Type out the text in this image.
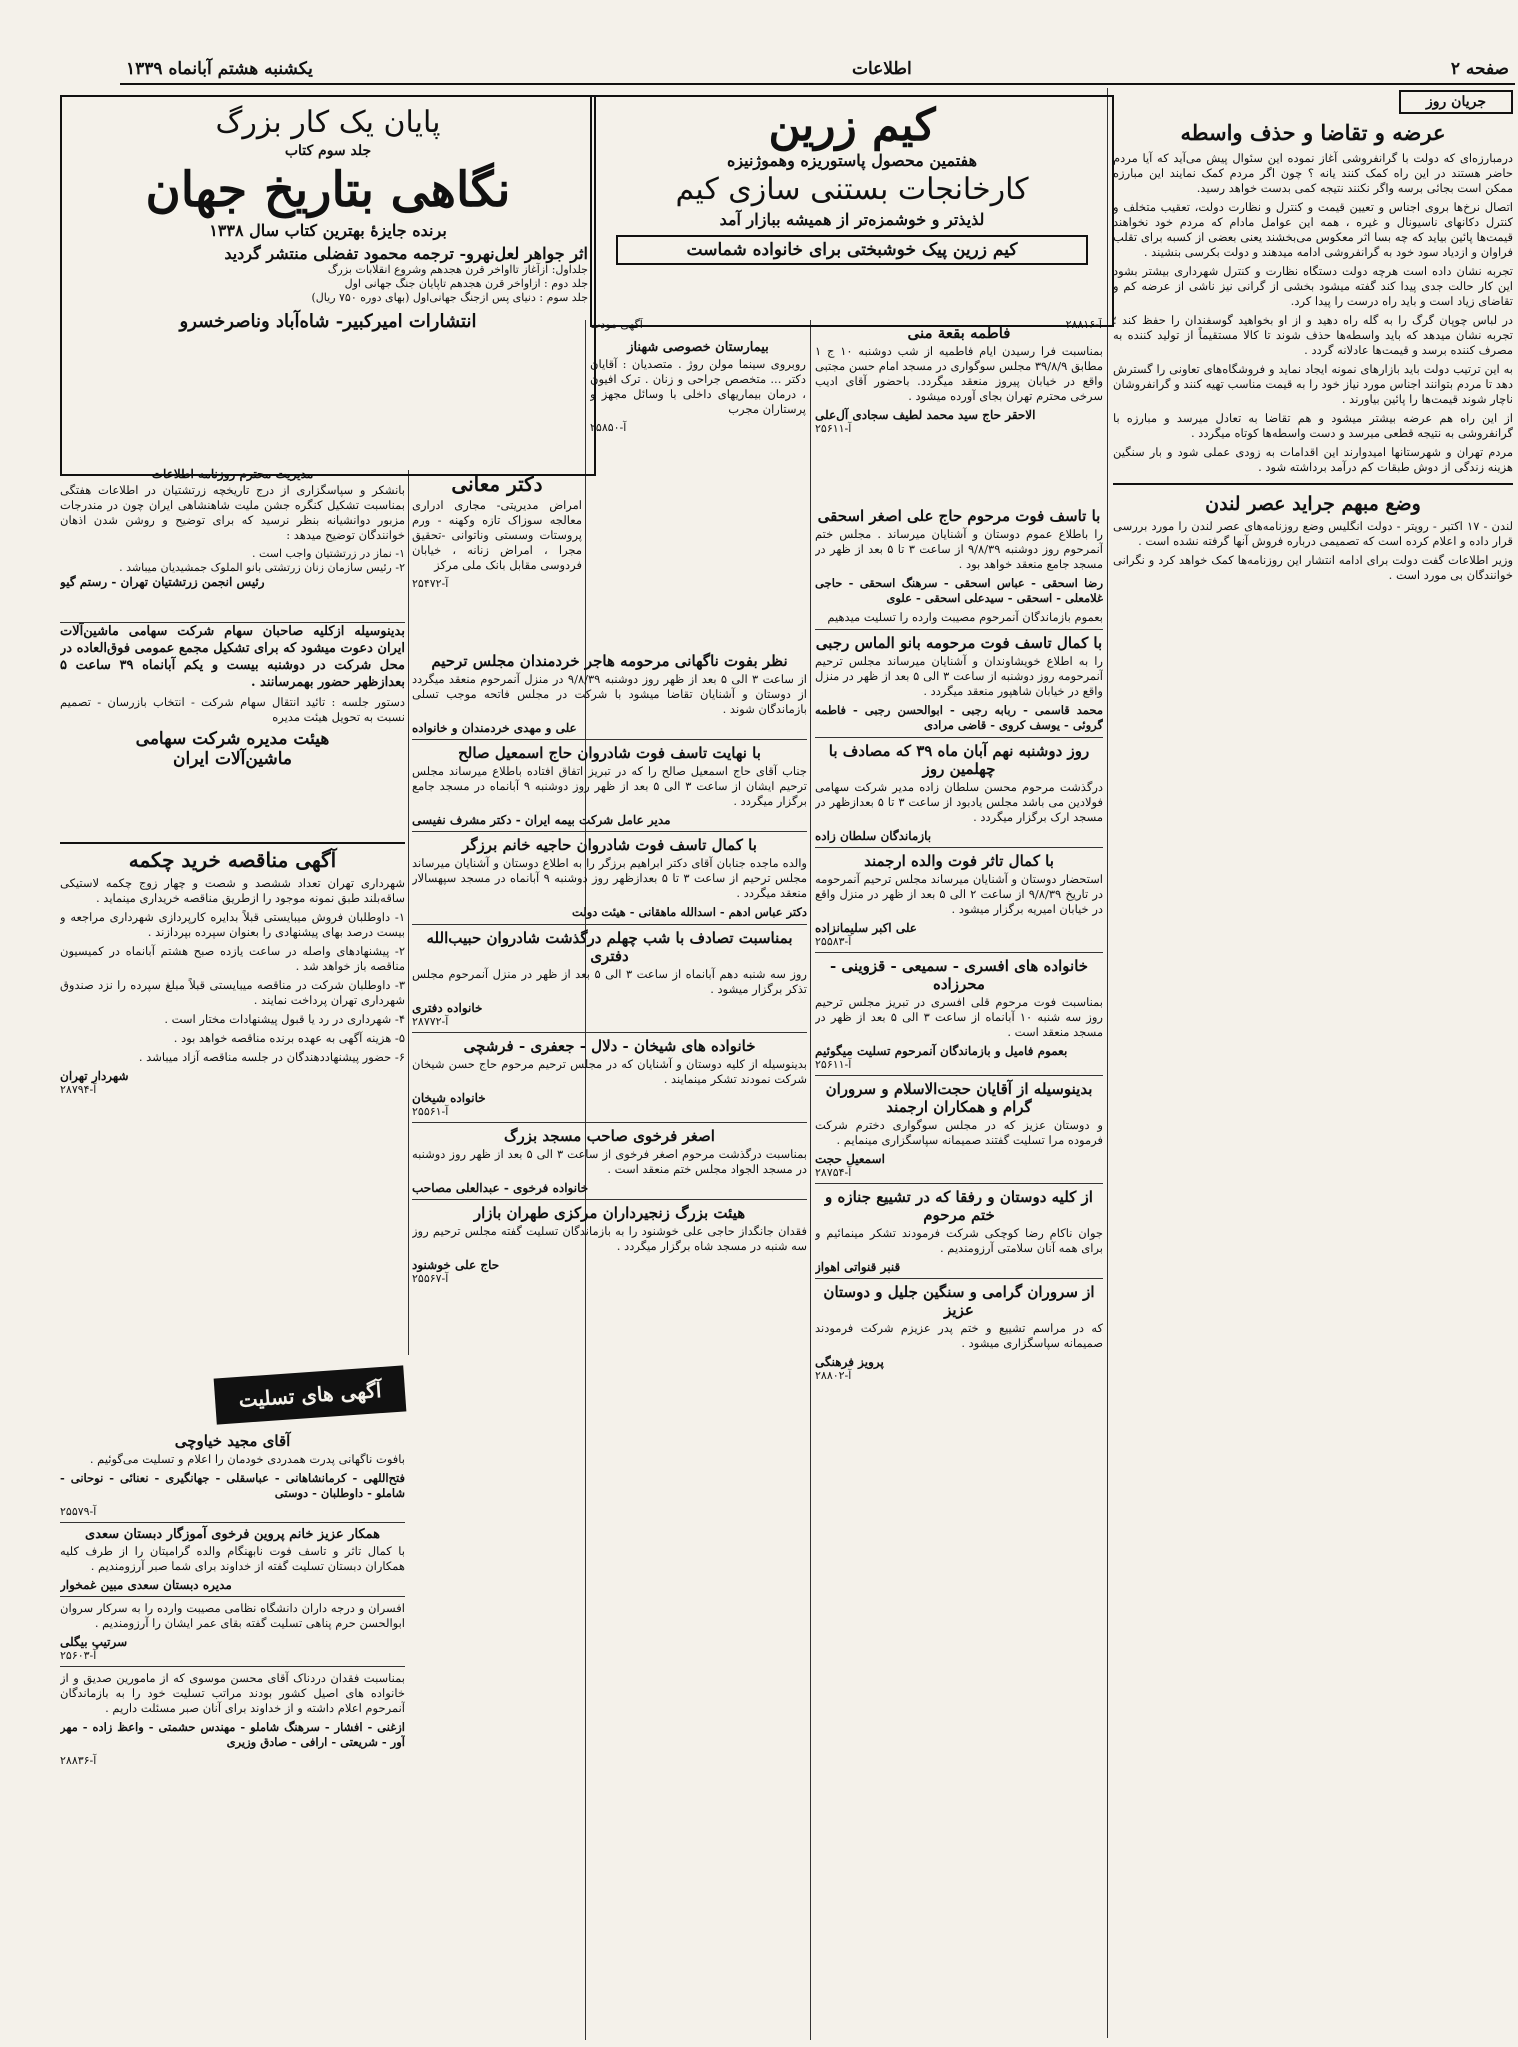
صفحه ۲
اطلاعات
یکشنبه هشتم آبانماه ۱۳۳۹
جریان روز
عرضه و تقاضا و حذف واسطه

درمبارزه‌ای که دولت با گرانفروشی آغاز نموده این سئوال پیش می‌آید که آیا مردم حاضر هستند در این راه کمک کنند یانه ؟ چون اگر مردم کمک نمایند این مبارزه ممکن است بجائی برسه واگر نکنند نتیجه کمی بدست خواهد رسید.

اتصال نرخ‌ها بروی اجناس و تعیین قیمت و کنترل و نظارت دولت، تعقیب متخلف و کنترل دکانهای ناسیونال و غیره ، همه این عوامل مادام که مردم خود نخواهند قیمت‌ها پائین بیاید که چه بسا اثر معکوس می‌بخشند یعنی بعضی از کسبه برای تقلب فراوان و ازدیاد سود خود به گرانفروشی ادامه میدهند و دولت بکرسی بنشیند .

تجربه نشان داده است هرچه دولت دستگاه نظارت و کنترل شهرداری بیشتر بشود این کار حالت جدی پیدا کند گفته میشود بخشی از گرانی نیز ناشی از عرضه کم و تقاضای زیاد است و باید راه درست را پیدا کرد.

در لباس چوپان گرگ را به گله راه دهید و از او بخواهید گوسفندان را حفظ کند ؛ تجربه نشان میدهد که باید واسطه‌ها حذف شوند تا کالا مستقیماً از تولید کننده به مصرف کننده برسد و قیمت‌ها عادلانه گردد .

به این ترتیب دولت باید بازارهای نمونه ایجاد نماید و فروشگاه‌های تعاونی را گسترش دهد تا مردم بتوانند اجناس مورد نیاز خود را به قیمت مناسب تهیه کنند و گرانفروشان ناچار شوند قیمت‌ها را پائین بیاورند .

از این راه هم عرضه بیشتر میشود و هم تقاضا به تعادل میرسد و مبارزه با گرانفروشی به نتیجه قطعی میرسد و دست واسطه‌ها کوتاه میگردد .

مردم تهران و شهرستانها امیدوارند این اقدامات به زودی عملی شود و بار سنگین هزینه زندگی از دوش طبقات کم درآمد برداشته شود .

وضع مبهم جراید عصر لندن

لندن - ۱۷ اکتبر - رویتر - دولت انگلیس وضع روزنامه‌های عصر لندن را مورد بررسی قرار داده و اعلام کرده است که تصمیمی درباره فروش آنها گرفته نشده است .

وزیر اطلاعات گفت دولت برای ادامه انتشار این روزنامه‌ها کمک خواهد کرد و نگرانی خوانندگان بی مورد است .

کیم زرین
هفتمین محصول پاستوریزه وهموژنیزه
کارخانجات بستنی سازی کیم
لذیذتر و خوشمزه‌تر از همیشه ببازار آمد
کیم زرین پیک خوشبختی برای خانواده شماست
آ-۲۸۸۱۶
آگهی مودت
پایان یک کار بزرگ
جلد سوم کتاب
نگاهی بتاریخ جهان
برنده جایزهٔ بهترین کتاب سال ۱۳۳۸
اثر جواهر لعل‌نهرو- ترجمه محمود تفضلی منتشر گردید
جلداول: ازآغاز تااواخر قرن هجدهم وشروع انقلابات بزرگ
جلد دوم : ازاواخر قرن هجدهم تاپایان جنگ جهانی اول
جلد سوم : دنیای پس ازجنگ جهانی‌اول (بهای دوره ۷۵۰ ریال)
انتشارات امیرکبیر- شاه‌آباد وناصرخسرو
فاطمه بقعة منی

بمناسبت فرا رسیدن ایام فاطمیه از شب دوشنبه ۱۰ ج ۱ مطابق ۳۹/۸/۹ مجلس سوگواری در مسجد امام حسن مجتبی واقع در خیابان پیروز منعقد میگردد. باحضور آقای ادیب سرخی محترم تهران بجای آورده میشود .

الاحقر حاج سید محمد لطیف سجادی آل‌علی
آ-۲۵۶۱۱
بیمارستان خصوصی شهناز

روبروی سینما مولن روژ . متصدیان : آقایان دکتر ... متخصص جراحی و زنان . ترک افیون ، درمان بیماریهای داخلی با وسائل مجهز و پرستاران مجرب

آ-۲۵۸۵۰
دکتر معانی

امراض مدیریتی- مجاری ادراری معالجه سوزاک تازه وکهنه - ورم پروستات وسستی وناتوانی -تحقیق مجرا ، امراض زنانه ، خیابان فردوسی مقابل بانک ملی مرکز

آ-۲۵۴۷۲
مدیریت محترم روزنامه اطلاعات

بانشکر و سپاسگزاری از درج تاریخچه زرتشتیان در اطلاعات هفتگی بمناسبت تشکیل کنگره جشن ملیت شاهنشاهی ایران چون در مندرجات مزبور دوانشیانه بنظر نرسید که برای توضیح و روشن شدن اذهان خوانندگان توضیح میدهد :

۱- نماز در زرتشتیان واجب است .
۲- رئیس سازمان زنان زرتشتی بانو الملوک جمشیدیان میباشد .
رئیس انجمن زرتشتیان تهران - رستم گیو

بدینوسیله ازکلیه صاحبان سهام شرکت سهامی ماشین‌آلات ایران دعوت میشود که برای تشکیل مجمع عمومی فوق‌العاده در محل شرکت در دوشنبه بیست و یکم آبانماه ۳۹ ساعت ۵ بعدازظهر حضور بهمرسانند .

دستور جلسه : تائید انتقال سهام شرکت - انتخاب بازرسان - تصمیم نسبت به تحویل هیئت مدیره

هیئت مدیره شرکت سهامی
ماشین‌آلات ایران
آگهی مناقصه خرید چکمه

شهرداری تهران تعداد ششصد و شصت و چهار زوج چکمه لاستیکی ساقه‌بلند طبق نمونه موجود را ازطریق مناقصه خریداری مینماید .

۱- داوطلبان فروش میبایستی قبلاً بدایره کارپردازی شهرداری مراجعه و بیست درصد بهای پیشنهادی را بعنوان سپرده بپردازند .

۲- پیشنهادهای واصله در ساعت یازده صبح هشتم آبانماه در کمیسیون مناقصه باز خواهد شد .

۳- داوطلبان شرکت در مناقصه میبایستی قبلاً مبلغ سپرده را نزد صندوق شهرداری تهران پرداخت نمایند .

۴- شهرداری در رد یا قبول پیشنهادات مختار است .

۵- هزینه آگهی به عهده برنده مناقصه خواهد بود .

۶- حضور پیشنهاددهندگان در جلسه مناقصه آزاد میباشد .

شهردار تهران
آ-۲۸۷۹۴
آگهی های تسلیت
آقای مجید خیاوچی

بافوت ناگهانی پدرت همدردی خودمان را اعلام و تسلیت می‌گوئیم .

فتح‌اللهی - کرمانشاهانی - عباسقلی - جهانگیری - نعنائی - نوحانی - شاملو - داوطلبان - دوستی

آ-۲۵۵۷۹
همکار عزیز خانم پروین فرخوی آموزگار دبستان سعدی

با کمال تاثر و تاسف فوت نابهنگام والده گرامیتان را از طرف کلیه همکاران دبستان تسلیت گفته از خداوند برای شما صبر آرزومندیم .

مدیره دبستان سعدی مبین غمخوار

افسران و درجه داران دانشگاه نظامی مصیبت وارده را به سرکار سروان ابوالحسن حرم پناهی تسلیت گفته بقای عمر ایشان را آرزومندیم .

سرتیپ بیگلی
آ-۲۵۶۰۳

بمناسبت فقدان دردناک آقای محسن موسوی که از مامورین صدیق و از خانواده های اصیل کشور بودند مراتب تسلیت خود را به بازماندگان آنمرحوم اعلام داشته و از خداوند برای آنان صبر مسئلت داریم .

ازغنی - افشار - سرهنگ شاملو - مهندس حشمتی - واعظ زاده - مهر آور - شریعتی - ارافی - صادق وزیری

آ-۲۸۸۳۶
نظر بفوت ناگهانی مرحومه هاجر خردمندان مجلس ترحیم

از ساعت ۳ الی ۵ بعد از ظهر روز دوشنبه ۹/۸/۳۹ در منزل آنمرحوم منعقد میگردد از دوستان و آشنایان تقاضا میشود با شرکت در مجلس فاتحه موجب تسلی بازماندگان شوند .

علی و مهدی خردمندان و خانواده
با نهایت تاسف فوت شادروان حاج اسمعیل صالح

جناب آقای حاج اسمعیل صالح را که در تبریز اتفاق افتاده باطلاع میرساند مجلس ترحیم ایشان از ساعت ۳ الی ۵ بعد از ظهر روز دوشنبه ۹ آبانماه در مسجد جامع برگزار میگردد .

مدیر عامل شرکت بیمه ایران - دکتر مشرف نفیسی
با کمال تاسف فوت شادروان حاجیه خانم برزگر

والده ماجده جنابان آقای دکتر ابراهیم برزگر را به اطلاع دوستان و آشنایان میرساند مجلس ترحیم از ساعت ۳ تا ۵ بعدازظهر روز دوشنبه ۹ آبانماه در مسجد سپهسالار منعقد میگردد .

دکتر عباس ادهم - اسدالله ماهقانی - هیئت دولت

بمناسبت تصادف با شب چهلم درگذشت شادروان حبیب‌الله دفتری

روز سه شنبه دهم آبانماه از ساعت ۳ الی ۵ بعد از ظهر در منزل آنمرحوم مجلس تذکر برگزار میشود .

خانواده دفتری
آ-۲۸۷۷۲
خانواده های شیخان - دلال - جعفری - فرشچی

بدینوسیله از کلیه دوستان و آشنایان که در مجلس ترحیم مرحوم حاج حسن شیخان شرکت نمودند تشکر مینمایند .

خانواده شیخان
آ-۲۵۵۶۱
اصغر فرخوی صاحب مسجد بزرگ

بمناسبت درگذشت مرحوم اصغر فرخوی از ساعت ۳ الی ۵ بعد از ظهر روز دوشنبه در مسجد الجواد مجلس ختم منعقد است .

خانواده فرخوی - عبدالعلی مصاحب
هیئت بزرگ زنجیرداران مرکزی طهران بازار

فقدان جانگداز حاجی علی خوشنود را به بازماندگان تسلیت گفته مجلس ترحیم روز سه شنبه در مسجد شاه برگزار میگردد .

حاج علی خوشنود
آ-۲۵۵۶۷
با تاسف فوت مرحوم حاج علی اصغر اسحقی

را باطلاع عموم دوستان و آشنایان میرساند . مجلس ختم آنمرحوم روز دوشنبه ۹/۸/۳۹ از ساعت ۳ تا ۵ بعد از ظهر در مسجد جامع منعقد خواهد بود .

رضا اسحقی - عباس اسحقی - سرهنگ اسحقی - حاجی غلامعلی - اسحقی - سیدعلی اسحقی - علوی

بعموم بازماندگان آنمرحوم مصیبت وارده را تسلیت میدهیم

با کمال تاسف فوت مرحومه بانو الماس رجبی

را به اطلاع خویشاوندان و آشنایان میرساند مجلس ترحیم آنمرحومه روز دوشنبه از ساعت ۳ الی ۵ بعد از ظهر در منزل واقع در خیابان شاهپور منعقد میگردد .

محمد قاسمی - ربابه رجبی - ابوالحسن رجبی - فاطمه گروئی - یوسف کروی - قاضی مرادی

روز دوشنبه نهم آبان ماه ۳۹ که مصادف با چهلمین روز

درگذشت مرحوم محسن سلطان زاده مدیر شرکت سهامی فولادین می باشد مجلس یادبود از ساعت ۳ تا ۵ بعدازظهر در مسجد ارک برگزار میگردد .

بازماندگان سلطان زاده
با کمال تاثر فوت والده ارجمند

استحضار دوستان و آشنایان میرساند مجلس ترحیم آنمرحومه در تاریخ ۹/۸/۳۹ از ساعت ۲ الی ۵ بعد از ظهر در منزل واقع در خیابان امیریه برگزار میشود .

علی اکبر سلیمانزاده
آ-۲۵۵۸۳
خانواده های افسری - سمیعی - قزوینی - محرزاده

بمناسبت فوت مرحوم قلی افسری در تبریز مجلس ترحیم روز سه شنبه ۱۰ آبانماه از ساعت ۳ الی ۵ بعد از ظهر در مسجد منعقد است .

بعموم فامیل و بازماندگان آنمرحوم تسلیت میگوئیم
آ-۲۵۶۱۱
بدینوسیله از آقایان حجت‌الاسلام و سروران گرام و همکاران ارجمند

و دوستان عزیز که در مجلس سوگواری دخترم شرکت فرموده مرا تسلیت گفتند صمیمانه سپاسگزاری مینمایم .

اسمعیل حجت
آ-۲۸۷۵۴
از کلیه دوستان و رفقا که در تشییع جنازه و ختم مرحوم

جوان ناکام رضا کوچکی شرکت فرمودند تشکر مینمائیم و برای همه آنان سلامتی آرزومندیم .

قنبر قنواتی اهواز
از سروران گرامی و سنگین جلیل و دوستان عزیز

که در مراسم تشییع و ختم پدر عزیزم شرکت فرمودند صمیمانه سپاسگزاری میشود .

پرویز فرهنگی
آ-۲۸۸۰۲
